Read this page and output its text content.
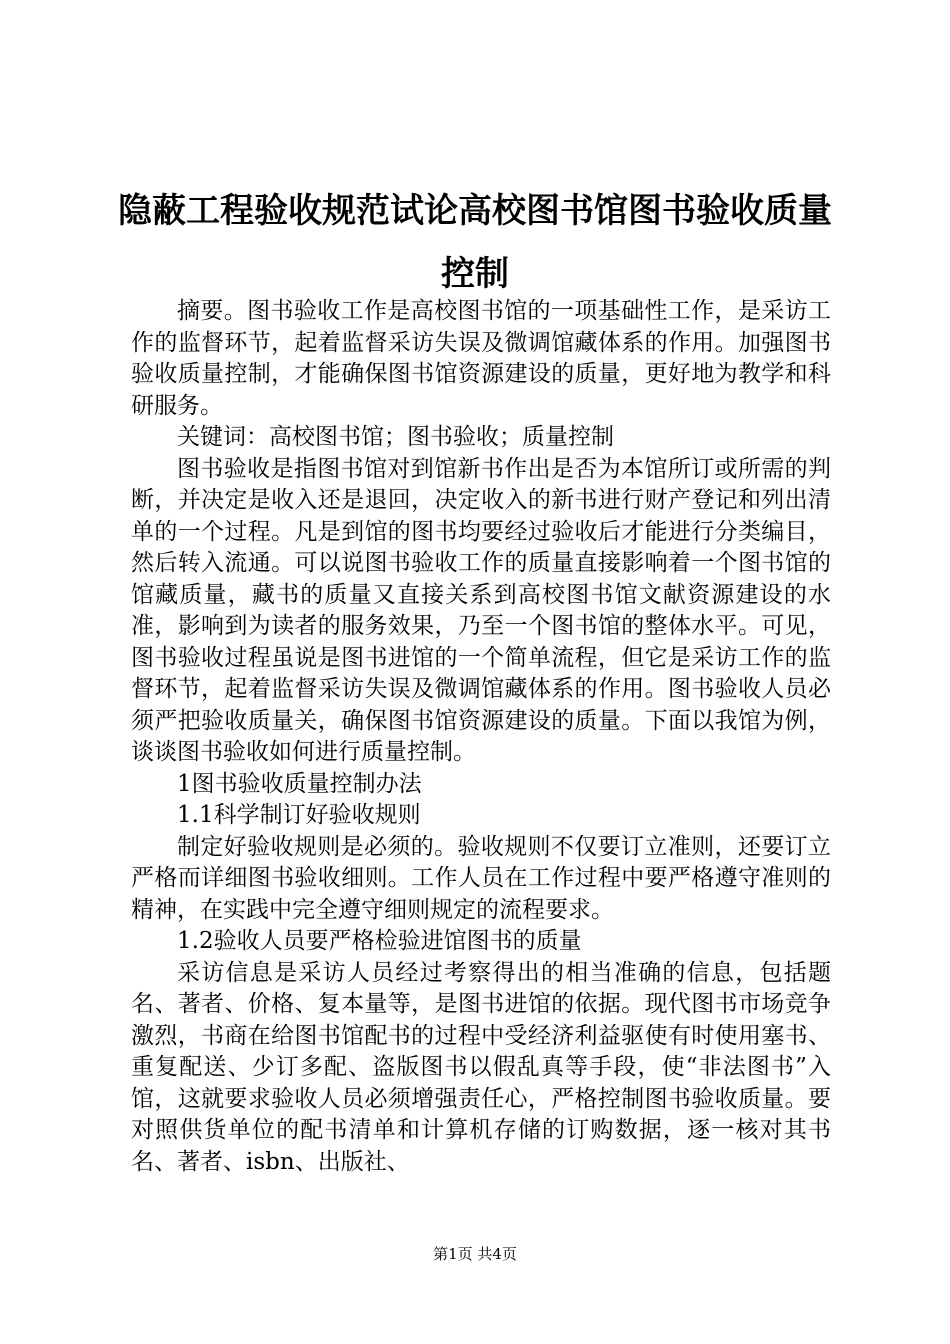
隐蔽工程验收规范试论高校图书馆图书验收质量控制

摘要。图书验收工作是高校图书馆的一项基础性工作，是采访工作的监督环节，起着监督采访失误及微调馆藏体系的作用。加强图书验收质量控制，才能确保图书馆资源建设的质量，更好地为教学和科研服务。

关键词：高校图书馆；图书验收；质量控制

图书验收是指图书馆对到馆新书作出是否为本馆所订或所需的判断，并决定是收入还是退回，决定收入的新书进行财产登记和列出清单的一个过程。凡是到馆的图书均要经过验收后才能进行分类编目，然后转入流通。可以说图书验收工作的质量直接影响着一个图书馆的馆藏质量，藏书的质量又直接关系到高校图书馆文献资源建设的水准，影响到为读者的服务效果，乃至一个图书馆的整体水平。可见，图书验收过程虽说是图书进馆的一个简单流程，但它是采访工作的监督环节，起着监督采访失误及微调馆藏体系的作用。图书验收人员必须严把验收质量关，确保图书馆资源建设的质量。下面以我馆为例，谈谈图书验收如何进行质量控制。

1图书验收质量控制办法

1.1科学制订好验收规则

制定好验收规则是必须的。验收规则不仅要订立准则，还要订立严格而详细图书验收细则。工作人员在工作过程中要严格遵守准则的精神，在实践中完全遵守细则规定的流程要求。

1.2验收人员要严格检验进馆图书的质量

采访信息是采访人员经过考察得出的相当准确的信息，包括题名、著者、价格、复本量等，是图书进馆的依据。现代图书市场竞争激烈，书商在给图书馆配书的过程中受经济利益驱使有时使用塞书、重复配送、少订多配、盗版图书以假乱真等手段，使“非法图书”入馆，这就要求验收人员必须增强责任心，严格控制图书验收质量。要对照供货单位的配书清单和计算机存储的订购数据，逐一核对其书名、著者、isbn、出版社、

第1页 共4页
